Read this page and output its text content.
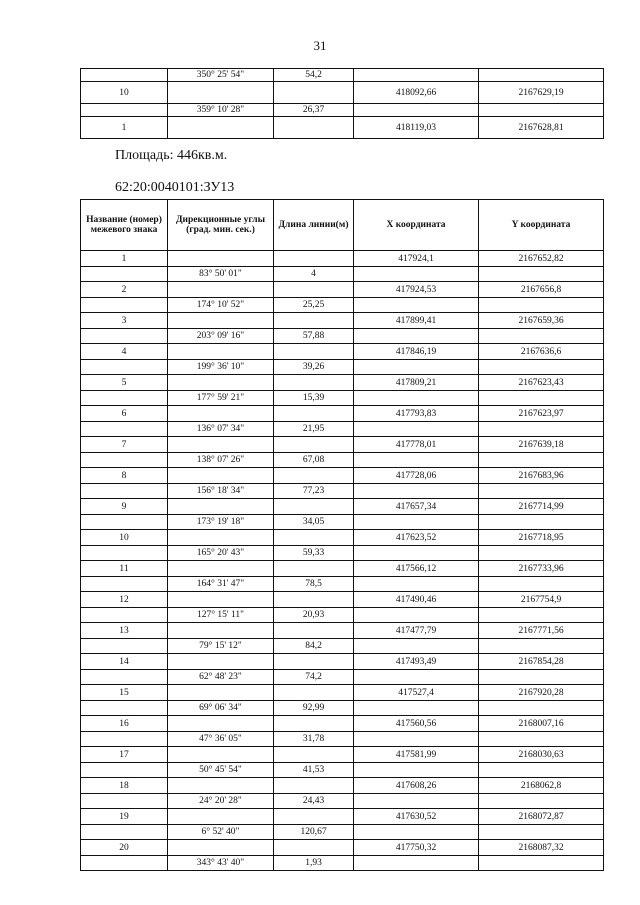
31
	350° 25' 54"	54,2		
10			418092,66	2167629,19
	359° 10' 28"	26,37		
1			418119,03	2167628,81
Площадь: 446кв.м.
62:20:0040101:ЗУ13
Название (номер) межевого знака	Дирекционные углы (град. мин. сек.)	Длина линии(м)	X координата	Y координата
1			417924,1	2167652,82
	83° 50' 01"	4		
2			417924,53	2167656,8
	174° 10' 52"	25,25		
3			417899,41	2167659,36
	203° 09' 16"	57,88		
4			417846,19	2167636,6
	199° 36' 10"	39,26		
5			417809,21	2167623,43
	177° 59' 21"	15,39		
6			417793,83	2167623,97
	136° 07' 34"	21,95		
7			417778,01	2167639,18
	138° 07' 26"	67,08		
8			417728,06	2167683,96
	156° 18' 34"	77,23		
9			417657,34	2167714,99
	173° 19' 18"	34,05		
10			417623,52	2167718,95
	165° 20' 43"	59,33		
11			417566,12	2167733,96
	164° 31' 47"	78,5		
12			417490,46	2167754,9
	127° 15' 11"	20,93		
13			417477,79	2167771,56
	79° 15' 12"	84,2		
14			417493,49	2167854,28
	62° 48' 23"	74,2		
15			417527,4	2167920,28
	69° 06' 34"	92,99		
16			417560,56	2168007,16
	47° 36' 05"	31,78		
17			417581,99	2168030,63
	50° 45' 54"	41,53		
18			417608,26	2168062,8
	24° 20' 28"	24,43		
19			417630,52	2168072,87
	6° 52' 40"	120,67		
20			417750,32	2168087,32
	343° 43' 40"	1,93		
